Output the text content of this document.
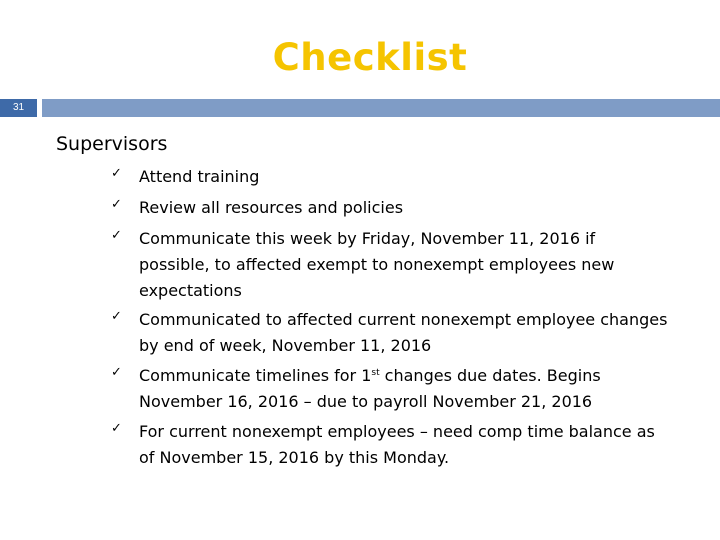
Checklist
31
Supervisors
✓ Attend training
✓ Review all resources and policies
✓ Communicate this week by Friday, November 11, 2016 if possible, to affected exempt to nonexempt employees new expectations
✓ Communicated to affected current nonexempt employee changes by end of week, November 11, 2016
✓ Communicate timelines for 1st changes due dates. Begins November 16, 2016 – due to payroll November 21, 2016
✓ For current nonexempt employees – need comp time balance as of November 15, 2016 by this Monday.
